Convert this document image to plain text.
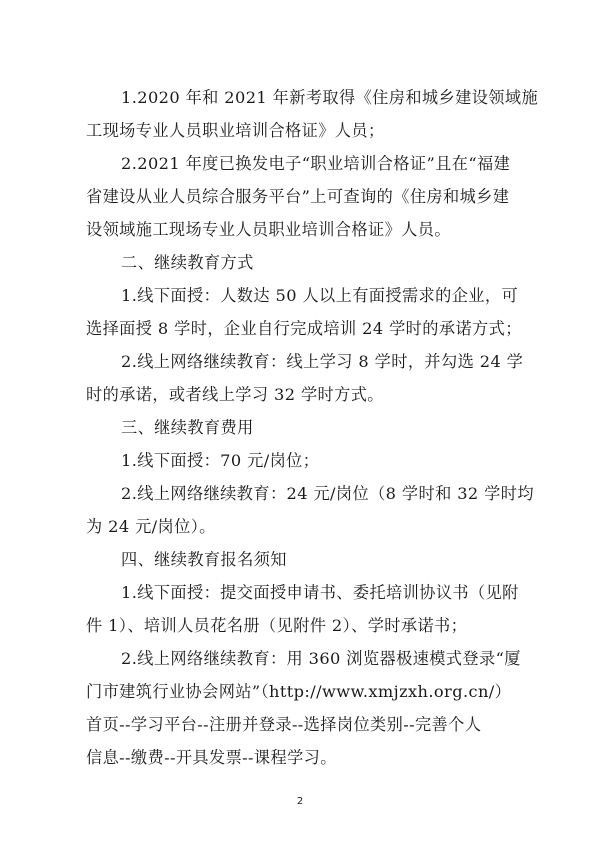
1.2020 年和 2021 年新考取得《住房和城乡建设领域施
工现场专业人员职业培训合格证》人员；
2.2021 年度已换发电子“职业培训合格证”且在“福建
省建设从业人员综合服务平台”上可查询的《住房和城乡建
设领域施工现场专业人员职业培训合格证》人员。
二、继续教育方式
1.线下面授：人数达 50 人以上有面授需求的企业，可
选择面授 8 学时，企业自行完成培训 24 学时的承诺方式；
2.线上网络继续教育：线上学习 8 学时，并勾选 24 学
时的承诺，或者线上学习 32 学时方式。
三、继续教育费用
1.线下面授：70 元/岗位；
2.线上网络继续教育：24 元/岗位（8 学时和 32 学时均
为 24 元/岗位）。
四、继续教育报名须知
1.线下面授：提交面授申请书、委托培训协议书（见附
件 1）、培训人员花名册（见附件 2）、学时承诺书；
2.线上网络继续教育：用 360 浏览器极速模式登录“厦
门市建筑行业协会网站”（http://www.xmjzxh.org.cn/）
首页--学习平台--注册并登录--选择岗位类别--完善个人
信息--缴费--开具发票--课程学习。
2
